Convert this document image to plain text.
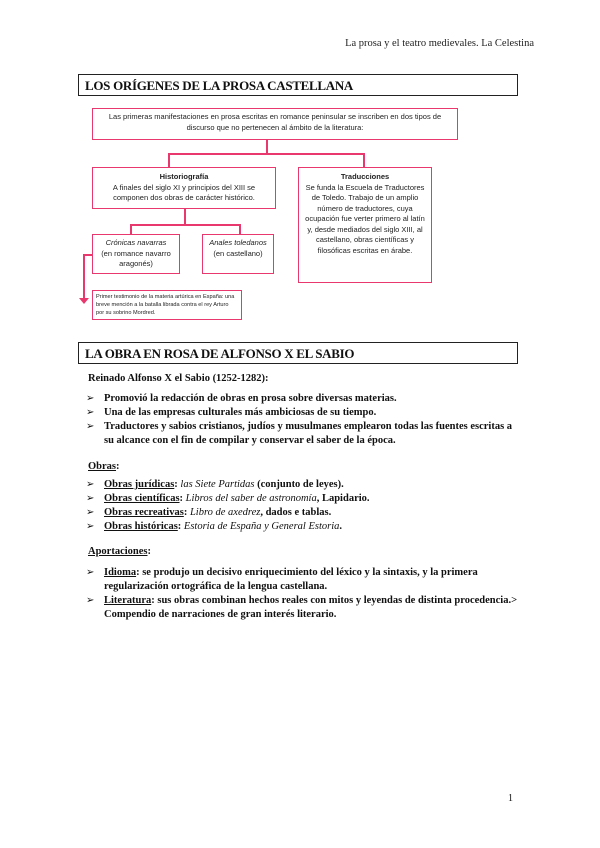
La prosa y el teatro medievales. La Celestina
LOS ORÍGENES DE LA PROSA CASTELLANA
Las primeras manifestaciones en prosa escritas en romance peninsular se inscriben en dos tipos de discurso que no pertenecen al ámbito de la literatura:
Historiografía
A finales del siglo XI y principios del XIII se componen dos obras de carácter histórico.
Traducciones
Se funda la Escuela de Traductores de Toledo. Trabajo de un amplio número de traductores, cuya ocupación fue verter primero al latín y, desde mediados del siglo XIII, al castellano, obras científicas y filosóficas escritas en árabe.
Crónicas navarras
(en romance navarro aragonés)
Anales toledanos
(en castellano)
Primer testimonio de la materia artúrica en España: una breve mención a la batalla librada contra el rey Arturo por su sobrino Mordred.
LA OBRA EN ROSA DE ALFONSO X EL SABIO
Reinado Alfonso X el Sabio (1252-1282):
➢ Promovió la redacción de obras en prosa sobre diversas materias.
➢ Una de las empresas culturales más ambiciosas de su tiempo.
➢ Traductores y sabios cristianos, judíos y musulmanes emplearon todas las fuentes escritas a su alcance con el fin de compilar y conservar el saber de la época.
Obras:
➢ Obras jurídicas: las Siete Partidas (conjunto de leyes).
➢ Obras científicas: Libros del saber de astronomía, Lapidario.
➢ Obras recreativas: Libro de axedrez, dados e tablas.
➢ Obras históricas: Estoria de España y General Estoria.
Aportaciones:
➢ Idioma: se produjo un decisivo enriquecimiento del léxico y la sintaxis, y la primera regularización ortográfica de la lengua castellana.
➢ Literatura: sus obras combinan hechos reales con mitos y leyendas de distinta procedencia.> Compendio de narraciones de gran interés literario.
1
